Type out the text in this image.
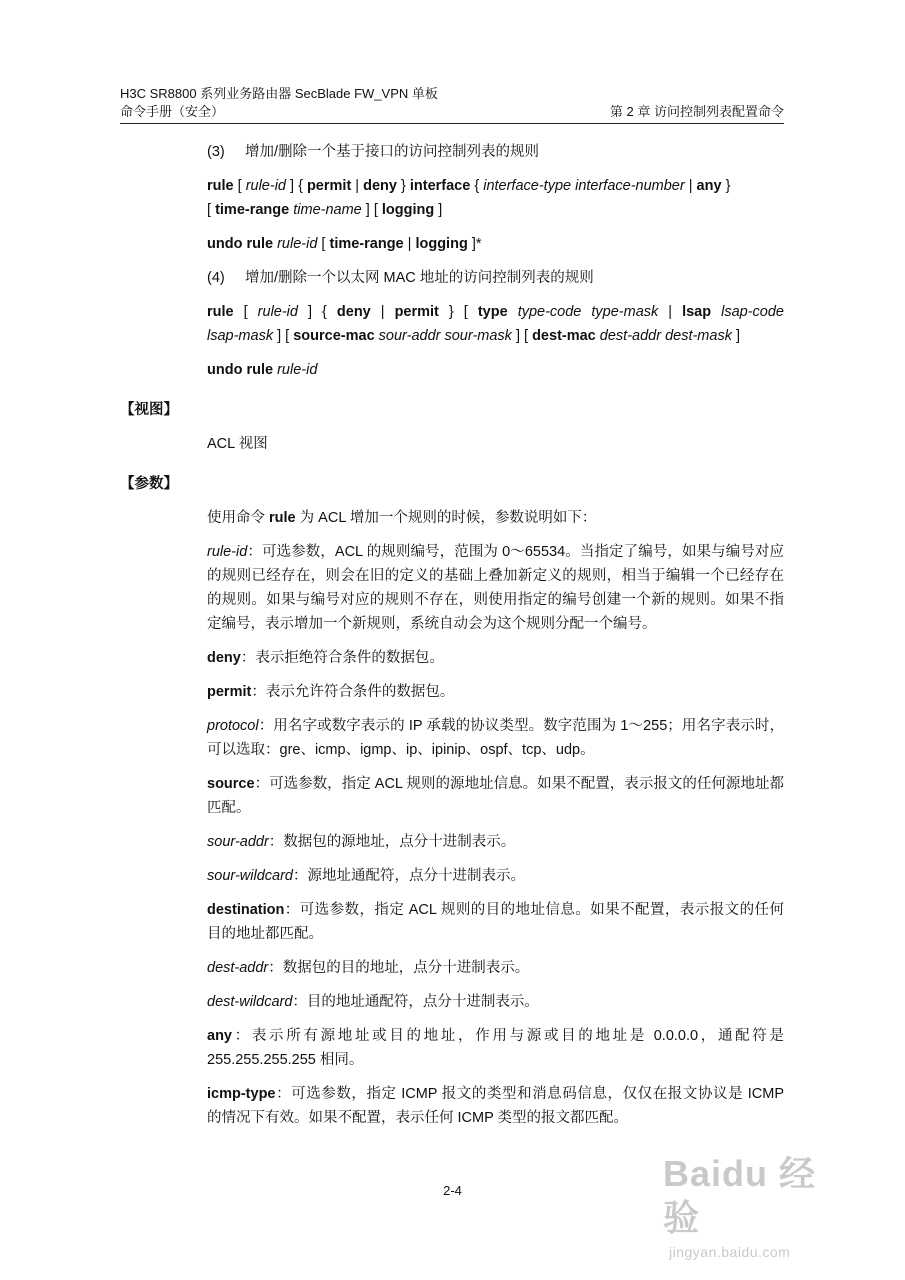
H3C SR8800 系列业务路由器 SecBlade FW_VPN 单板
命令手册（安全）	第 2 章 访问控制列表配置命令

(3) 增加/删除一个基于接口的访问控制列表的规则

rule [ rule-id ] { permit | deny } interface { interface-type interface-number | any }

[ time-range time-name ] [ logging ]

undo rule rule-id [ time-range | logging ]*

(4) 增加/删除一个以太网 MAC 地址的访问控制列表的规则

rule [ rule-id ] { deny | permit } [ type type-code type-mask | lsap lsap-code

lsap-mask ] [ source-mac sour-addr sour-mask ] [ dest-mac dest-addr dest-mask ]

undo rule rule-id

【视图】

ACL 视图

【参数】

使用命令 rule 为 ACL 增加一个规则的时候，参数说明如下：

rule-id：可选参数，ACL 的规则编号，范围为 0～65534。当指定了编号，如果与编号对应的规则已经存在，则会在旧的定义的基础上叠加新定义的规则，相当于编辑一个已经存在的规则。如果与编号对应的规则不存在，则使用指定的编号创建一个新的规则。如果不指定编号，表示增加一个新规则，系统自动会为这个规则分配一个编号。

deny：表示拒绝符合条件的数据包。

permit：表示允许符合条件的数据包。

protocol：用名字或数字表示的 IP 承载的协议类型。数字范围为 1～255；用名字表示时，可以选取：gre、icmp、igmp、ip、ipinip、ospf、tcp、udp。

source：可选参数，指定 ACL 规则的源地址信息。如果不配置，表示报文的任何源地址都匹配。

sour-addr：数据包的源地址，点分十进制表示。

sour-wildcard：源地址通配符，点分十进制表示。

destination：可选参数，指定 ACL 规则的目的地址信息。如果不配置，表示报文的任何目的地址都匹配。

dest-addr：数据包的目的地址，点分十进制表示。

dest-wildcard：目的地址通配符，点分十进制表示。

any：表示所有源地址或目的地址，作用与源或目的地址是 0.0.0.0，通配符是 255.255.255.255 相同。

icmp-type：可选参数，指定 ICMP 报文的类型和消息码信息，仅仅在报文协议是 ICMP 的情况下有效。如果不配置，表示任何 ICMP 类型的报文都匹配。

2-4	Baidu 经验
jingyan.baidu.com
